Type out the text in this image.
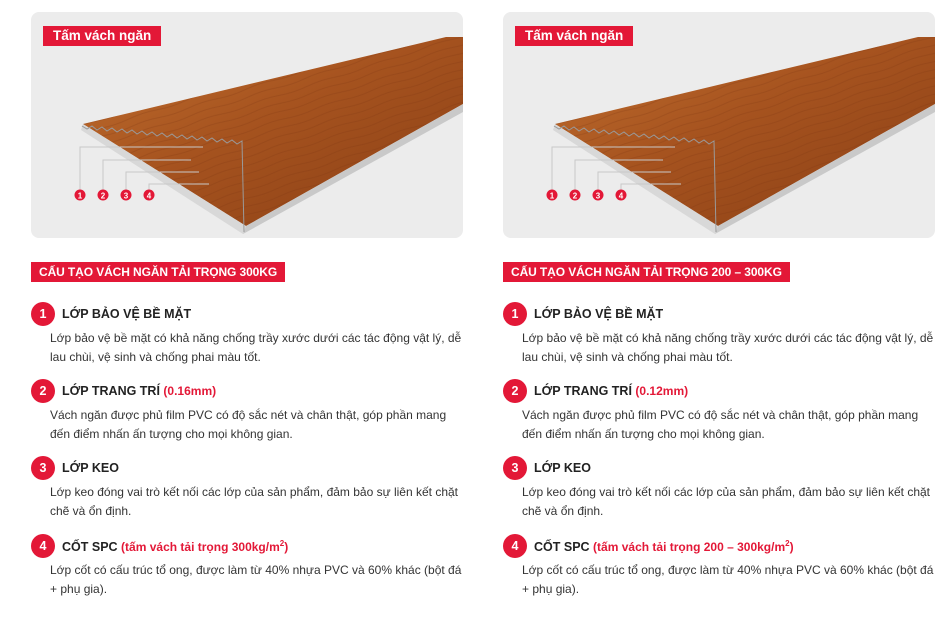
Tấm vách ngăn
1 2 3 4
CẤU TẠO VÁCH NGĂN TẢI TRỌNG 300KG
1	LỚP BẢO VỆ BỀ MẶT
Lớp bảo vệ bề mặt có khả năng chống trầy xước dưới các tác động vật lý, dễ lau chùi, vệ sinh và chống phai màu tốt.
2	LỚP TRANG TRÍ (0.16mm)
Vách ngăn được phủ film PVC có độ sắc nét và chân thật, góp phần mang đến điểm nhấn ấn tượng cho mọi không gian.
3	LỚP KEO
Lớp keo đóng vai trò kết nối các lớp của sản phẩm, đảm bảo sự liên kết chặt chẽ và ổn định.
4	CỐT SPC (tấm vách tải trọng $300kg/m^2$)
Lớp cốt có cấu trúc tổ ong, được làm từ 40% nhựa PVC và 60% khác (bột đá + phụ gia).
Tấm vách ngăn
1 2 3 4
CẤU TẠO VÁCH NGĂN TẢI TRỌNG 200 – 300KG
1	LỚP BẢO VỆ BỀ MẶT
Lớp bảo vệ bề mặt có khả năng chống trầy xước dưới các tác động vật lý, dễ lau chùi, vệ sinh và chống phai màu tốt.
2	LỚP TRANG TRÍ (0.12mm)
Vách ngăn được phủ film PVC có độ sắc nét và chân thật, góp phần mang đến điểm nhấn ấn tượng cho mọi không gian.
3	LỚP KEO
Lớp keo đóng vai trò kết nối các lớp của sản phẩm, đảm bảo sự liên kết chặt chẽ và ổn định.
4	CỐT SPC (tấm vách tải trọng $200 - 300kg/m^2$)
Lớp cốt có cấu trúc tổ ong, được làm từ 40% nhựa PVC và 60% khác (bột đá + phụ gia).
